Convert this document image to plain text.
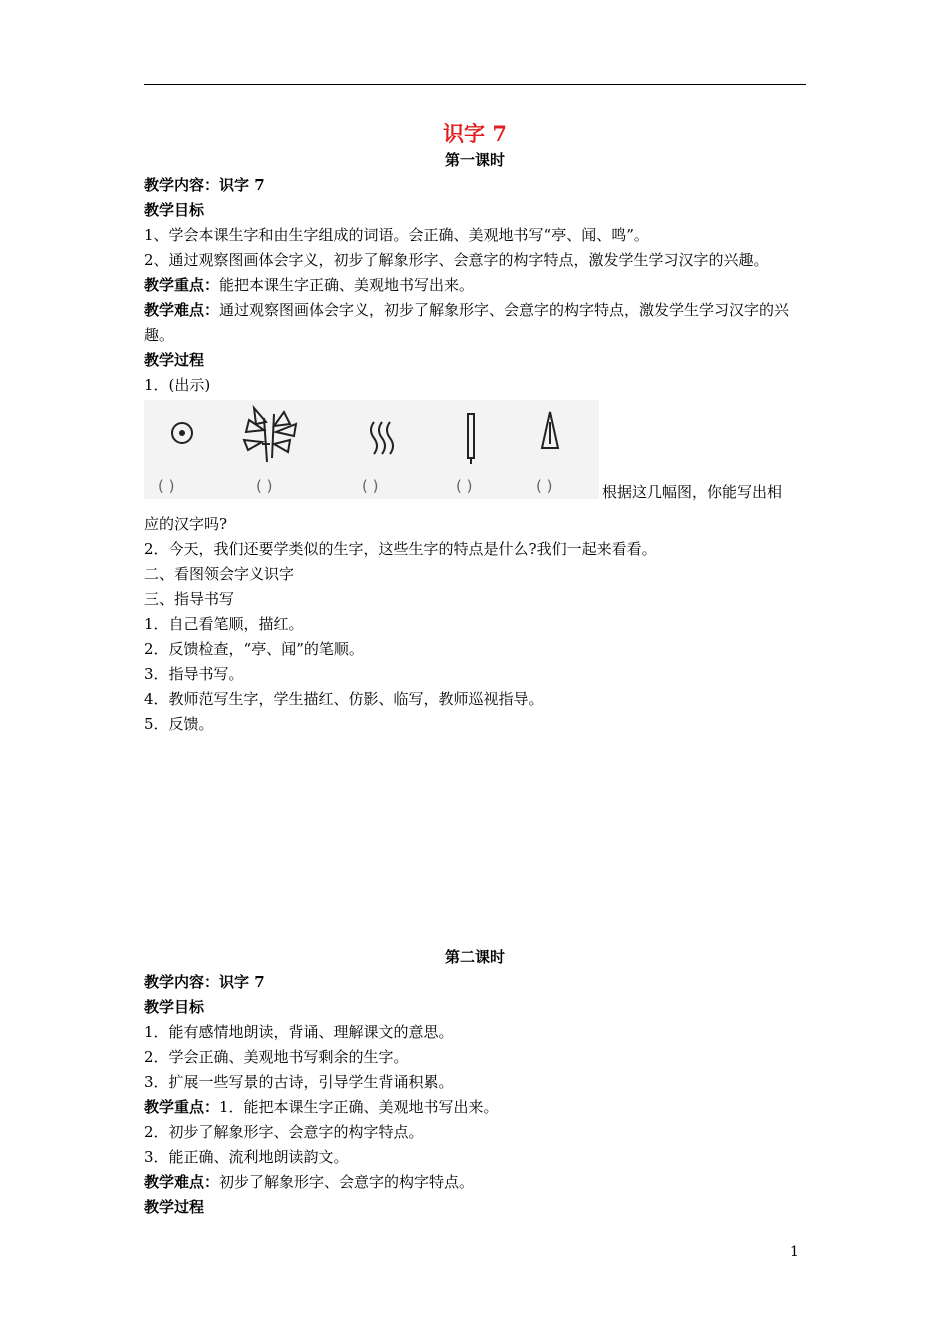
识字 7

第一课时

教学内容：识字 7

教学目标

1、学会本课生字和由生字组成的词语。会正确、美观地书写“亭、闻、鸣”。

2、通过观察图画体会字义，初步了解象形字、会意字的构字特点，激发学生学习汉字的兴趣。

教学重点：能把本课生字正确、美观地书写出来。

教学难点：通过观察图画体会字义，初步了解象形字、会意字的构字特点，激发学生学习汉字的兴趣。

教学过程

1．(出示)

( )	( )	( )	( )	( )	根据这几幅图，你能写出相

应的汉字吗?

2．今天，我们还要学类似的生字，这些生字的特点是什么?我们一起来看看。

二、看图领会字义识字

三、指导书写

1．自己看笔顺，描红。

2．反馈检查，“亭、闻”的笔顺。

3．指导书写。

4．教师范写生字，学生描红、仿影、临写，教师巡视指导。

5．反馈。

第二课时

教学内容：识字 7

教学目标

1．能有感情地朗读，背诵、理解课文的意思。

2．学会正确、美观地书写剩余的生字。

3．扩展一些写景的古诗，引导学生背诵积累。

教学重点：1．能把本课生字正确、美观地书写出来。

2．初步了解象形字、会意字的构字特点。

3．能正确、流利地朗读韵文。

教学难点：初步了解象形字、会意字的构字特点。

教学过程

1
